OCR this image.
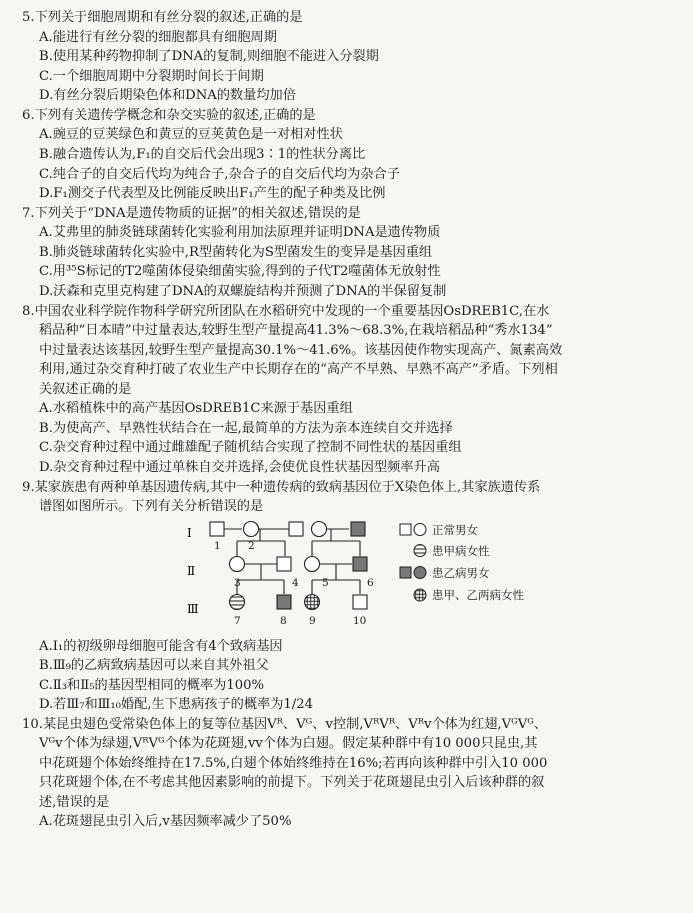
5.下列关于细胞周期和有丝分裂的叙述,正确的是

A.能进行有丝分裂的细胞都具有细胞周期

B.使用某种药物抑制了DNA的复制,则细胞不能进入分裂期

C.一个细胞周期中分裂期时间长于间期

D.有丝分裂后期染色体和DNA的数量均加倍

6.下列有关遗传学概念和杂交实验的叙述,正确的是

A.豌豆的豆荚绿色和黄豆的豆荚黄色是一对相对性状

B.融合遗传认为,F₁的自交后代会出现3∶1的性状分离比

C.纯合子的自交后代均为纯合子,杂合子的自交后代均为杂合子

D.F₁测交子代表型及比例能反映出F₁产生的配子种类及比例

7.下列关于“DNA是遗传物质的证据”的相关叙述,错误的是

A.艾弗里的肺炎链球菌转化实验利用加法原理并证明DNA是遗传物质

B.肺炎链球菌转化实验中,R型菌转化为S型菌发生的变异是基因重组

C.用³⁵S标记的T2噬菌体侵染细菌实验,得到的子代T2噬菌体无放射性

D.沃森和克里克构建了DNA的双螺旋结构并预测了DNA的半保留复制

8.中国农业科学院作物科学研究所团队在水稻研究中发现的一个重要基因OsDREB1C,在水

稻品种“日本晴”中过量表达,较野生型产量提高41.3%～68.3%,在栽培稻品种“秀水134”

中过量表达该基因,较野生型产量提高30.1%～41.6%。该基因使作物实现高产、氮素高效

利用,通过杂交育种打破了农业生产中长期存在的“高产不早熟、早熟不高产”矛盾。下列相

关叙述正确的是

A.水稻植株中的高产基因OsDREB1C来源于基因重组

B.为使高产、早熟性状结合在一起,最简单的方法为亲本连续自交并选择

C.杂交育种过程中通过雌雄配子随机结合实现了控制不同性状的基因重组

D.杂交育种过程中通过单株自交并选择,会使优良性状基因型频率升高

9.某家族患有两种单基因遗传病,其中一种遗传病的致病基因位于X染色体上,其家族遗传系

谱图如图所示。下列有关分析错误的是

Ⅰ
Ⅱ
Ⅲ
1	2
3	4 5	6
7	8 9	10
正常男女
患甲病女性
患乙病男女
患甲、乙两病女性

A.Ⅰ₁的初级卵母细胞可能含有4个致病基因

B.Ⅲ₉的乙病致病基因可以来自其外祖父

C.Ⅱ₃和Ⅱ₅的基因型相同的概率为100%

D.若Ⅲ₇和Ⅲ₁₀婚配,生下患病孩子的概率为1/24

10.某昆虫翅色受常染色体上的复等位基因Vᴿ、Vᴳ、v控制,VᴿVᴿ、Vᴿv个体为红翅,VᴳVᴳ、

Vᴳv个体为绿翅,VᴿVᴳ个体为花斑翅,vv个体为白翅。假定某种群中有10 000只昆虫,其

中花斑翅个体始终维持在17.5%,白翅个体始终维持在16%;若再向该种群中引入10 000

只花斑翅个体,在不考虑其他因素影响的前提下。下列关于花斑翅昆虫引入后该种群的叙

述,错误的是

A.花斑翅昆虫引入后,v基因频率减少了50%
